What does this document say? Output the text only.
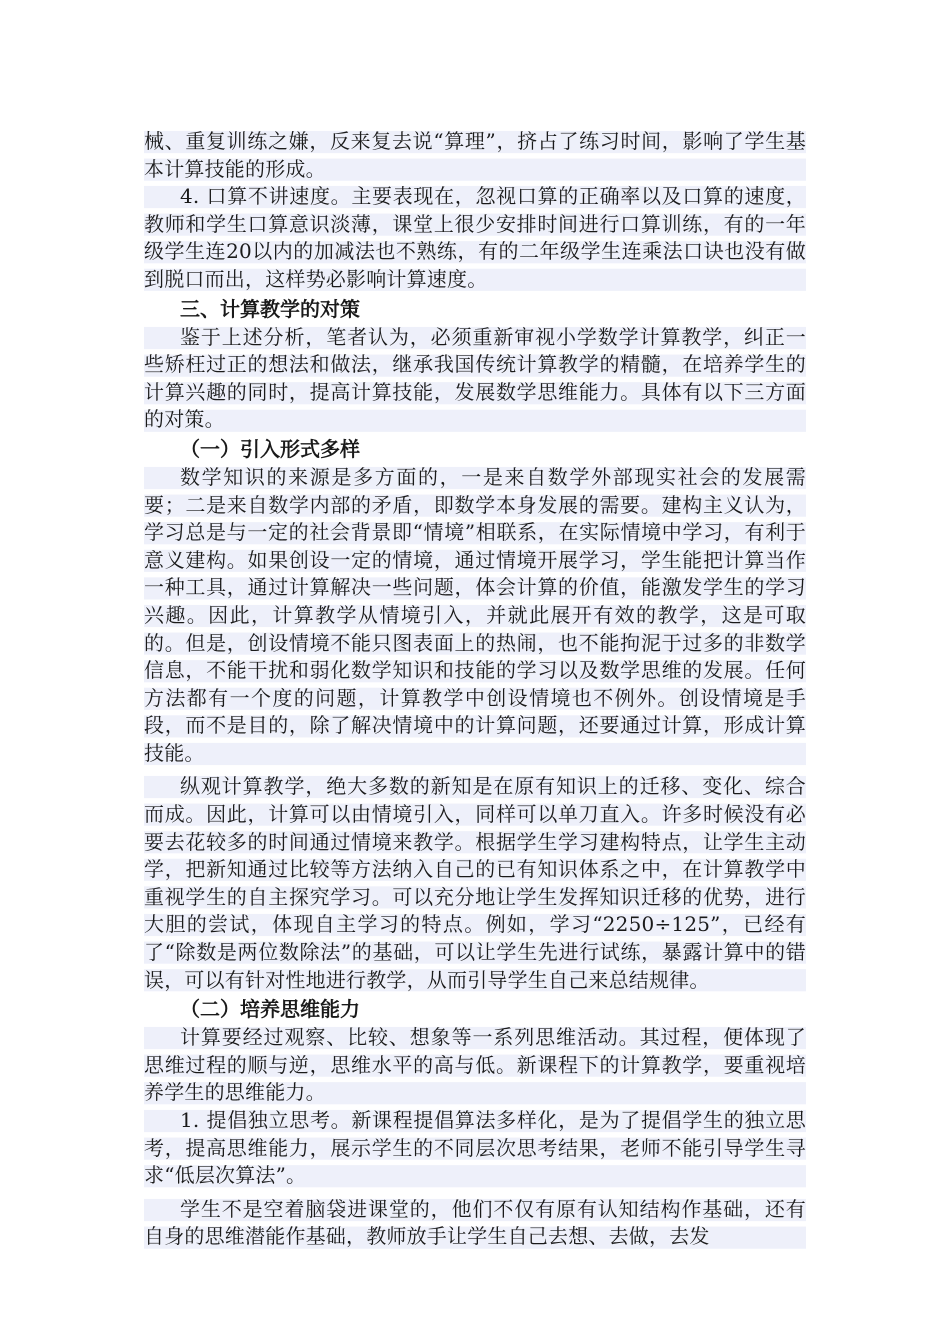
械、重复训练之嫌，反来复去说“算理”，挤占了练习时间，影响了学生基本计算技能的形成。

4. 口算不讲速度。主要表现在，忽视口算的正确率以及口算的速度，教师和学生口算意识淡薄，课堂上很少安排时间进行口算训练，有的一年级学生连20以内的加减法也不熟练，有的二年级学生连乘法口诀也没有做到脱口而出，这样势必影响计算速度。

三、计算教学的对策

鉴于上述分析，笔者认为，必须重新审视小学数学计算教学，纠正一些矫枉过正的想法和做法，继承我国传统计算教学的精髓，在培养学生的计算兴趣的同时，提高计算技能，发展数学思维能力。具体有以下三方面的对策。

（一）引入形式多样

数学知识的来源是多方面的，一是来自数学外部现实社会的发展需要；二是来自数学内部的矛盾，即数学本身发展的需要。建构主义认为，学习总是与一定的社会背景即“情境”相联系，在实际情境中学习，有利于意义建构。如果创设一定的情境，通过情境开展学习，学生能把计算当作一种工具，通过计算解决一些问题，体会计算的价值，能激发学生的学习兴趣。因此，计算教学从情境引入，并就此展开有效的教学，这是可取的。但是，创设情境不能只图表面上的热闹，也不能拘泥于过多的非数学信息，不能干扰和弱化数学知识和技能的学习以及数学思维的发展。任何方法都有一个度的问题，计算教学中创设情境也不例外。创设情境是手段，而不是目的，除了解决情境中的计算问题，还要通过计算，形成计算技能。

纵观计算教学，绝大多数的新知是在原有知识上的迁移、变化、综合而成。因此，计算可以由情境引入，同样可以单刀直入。许多时候没有必要去花较多的时间通过情境来教学。根据学生学习建构特点，让学生主动学，把新知通过比较等方法纳入自己的已有知识体系之中，在计算教学中重视学生的自主探究学习。可以充分地让学生发挥知识迁移的优势，进行大胆的尝试，体现自主学习的特点。例如，学习“2250÷125”，已经有了“除数是两位数除法”的基础，可以让学生先进行试练，暴露计算中的错误，可以有针对性地进行教学，从而引导学生自己来总结规律。

（二）培养思维能力

计算要经过观察、比较、想象等一系列思维活动。其过程，便体现了思维过程的顺与逆，思维水平的高与低。新课程下的计算教学，要重视培养学生的思维能力。

1. 提倡独立思考。新课程提倡算法多样化，是为了提倡学生的独立思考，提高思维能力，展示学生的不同层次思考结果，老师不能引导学生寻求“低层次算法”。

学生不是空着脑袋进课堂的，他们不仅有原有认知结构作基础，还有自身的思维潜能作基础，教师放手让学生自己去想、去做，去发
